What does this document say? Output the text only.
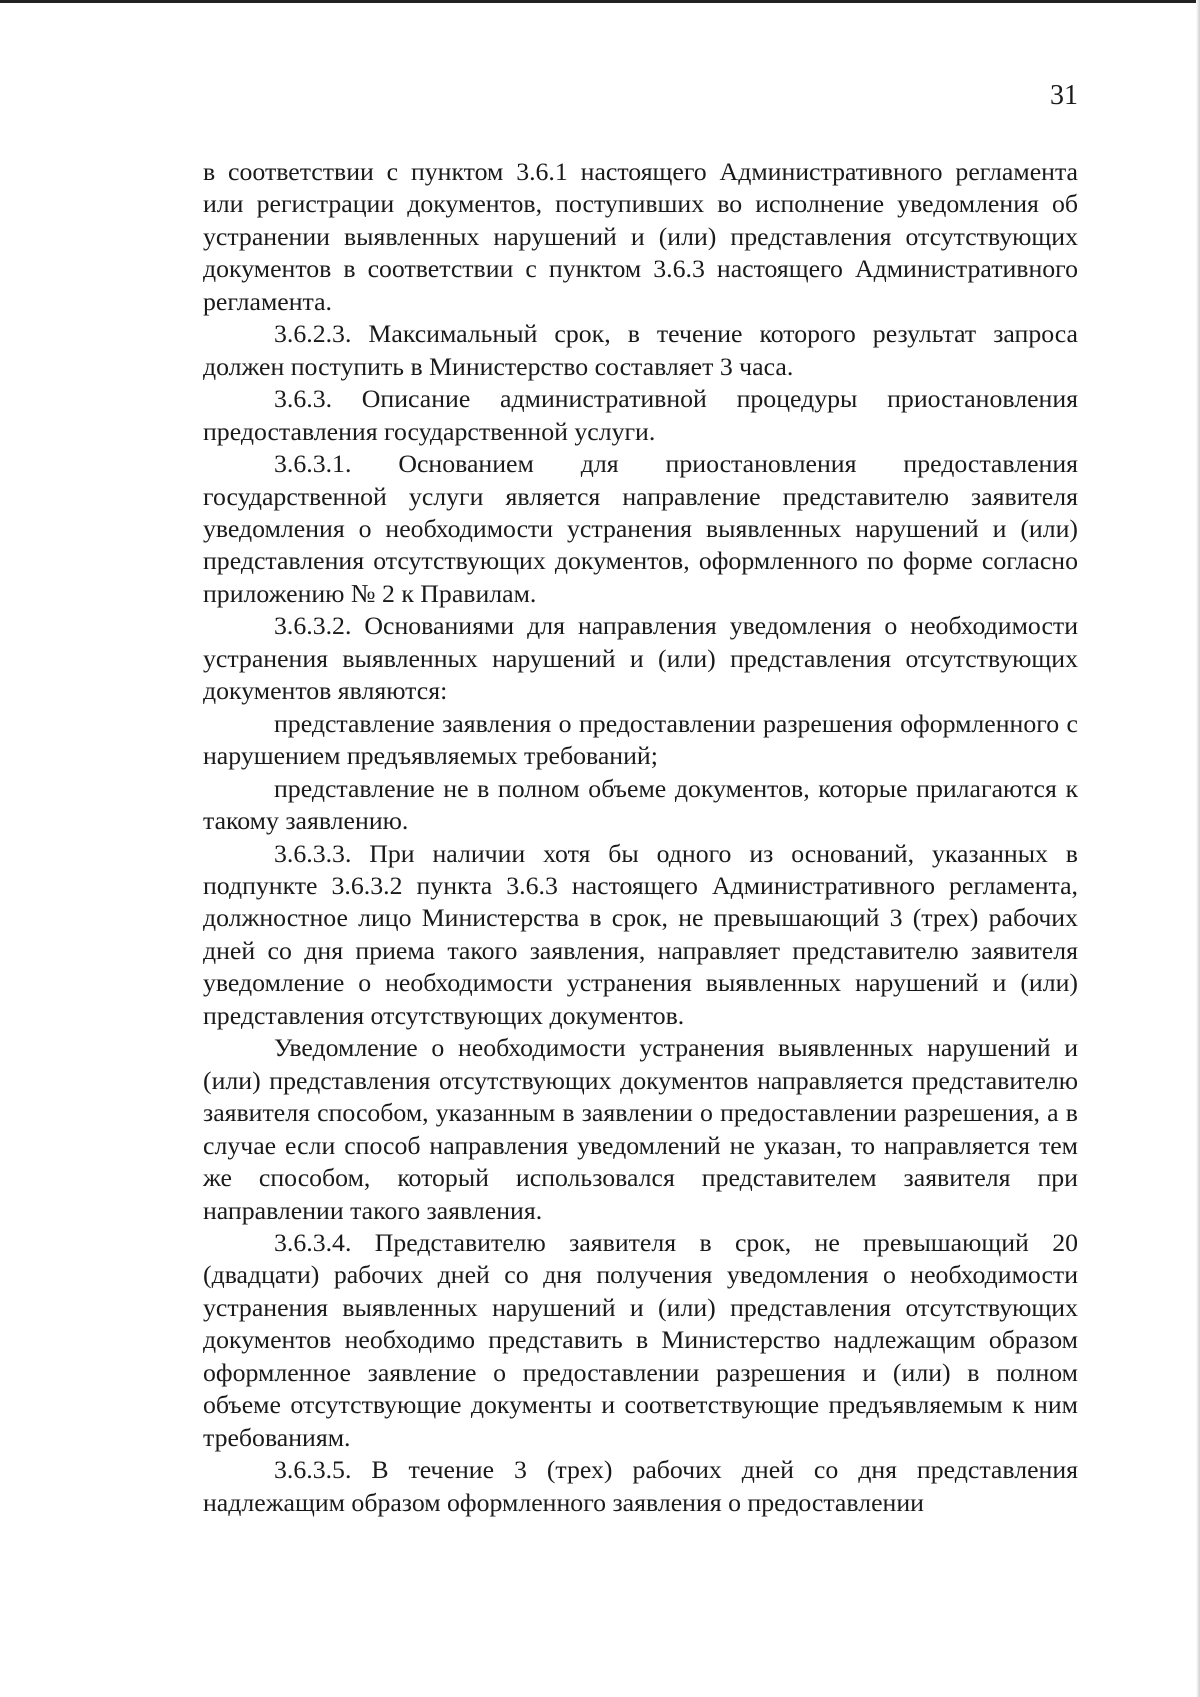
31

в соответствии с пунктом 3.6.1 настоящего Административного регламента или регистрации документов, поступивших во исполнение уведомления об устранении выявленных нарушений и (или) представления отсутствующих документов в соответствии с пунктом 3.6.3 настоящего Административного регламента.

3.6.2.3. Максимальный срок, в течение которого результат запроса должен поступить в Министерство составляет 3 часа.

3.6.3. Описание административной процедуры приостановления предоставления государственной услуги.

3.6.3.1. Основанием для приостановления предоставления государственной услуги является направление представителю заявителя уведомления о необходимости устранения выявленных нарушений и (или) представления отсутствующих документов, оформленного по форме согласно приложению № 2 к Правилам.

3.6.3.2. Основаниями для направления уведомления о необходимости устранения выявленных нарушений и (или) представления отсутствующих документов являются:

представление заявления о предоставлении разрешения оформленного с нарушением предъявляемых требований;

представление не в полном объеме документов, которые прилагаются к такому заявлению.

3.6.3.3. При наличии хотя бы одного из оснований, указанных в подпункте 3.6.3.2 пункта 3.6.3 настоящего Административного регламента, должностное лицо Министерства в срок, не превышающий 3 (трех) рабочих дней со дня приема такого заявления, направляет представителю заявителя уведомление о необходимости устранения выявленных нарушений и (или) представления отсутствующих документов.

Уведомление о необходимости устранения выявленных нарушений и (или) представления отсутствующих документов направляется представителю заявителя способом, указанным в заявлении о предоставлении разрешения, а в случае если способ направления уведомлений не указан, то направляется тем же способом, который использовался представителем заявителя при направлении такого заявления.

3.6.3.4. Представителю заявителя в срок, не превышающий 20 (двадцати) рабочих дней со дня получения уведомления о необходимости устранения выявленных нарушений и (или) представления отсутствующих документов необходимо представить в Министерство надлежащим образом оформленное заявление о предоставлении разрешения и (или) в полном объеме отсутствующие документы и соответствующие предъявляемым к ним требованиям.

3.6.3.5. В течение 3 (трех) рабочих дней со дня представления надлежащим образом оформленного заявления о предоставлении
